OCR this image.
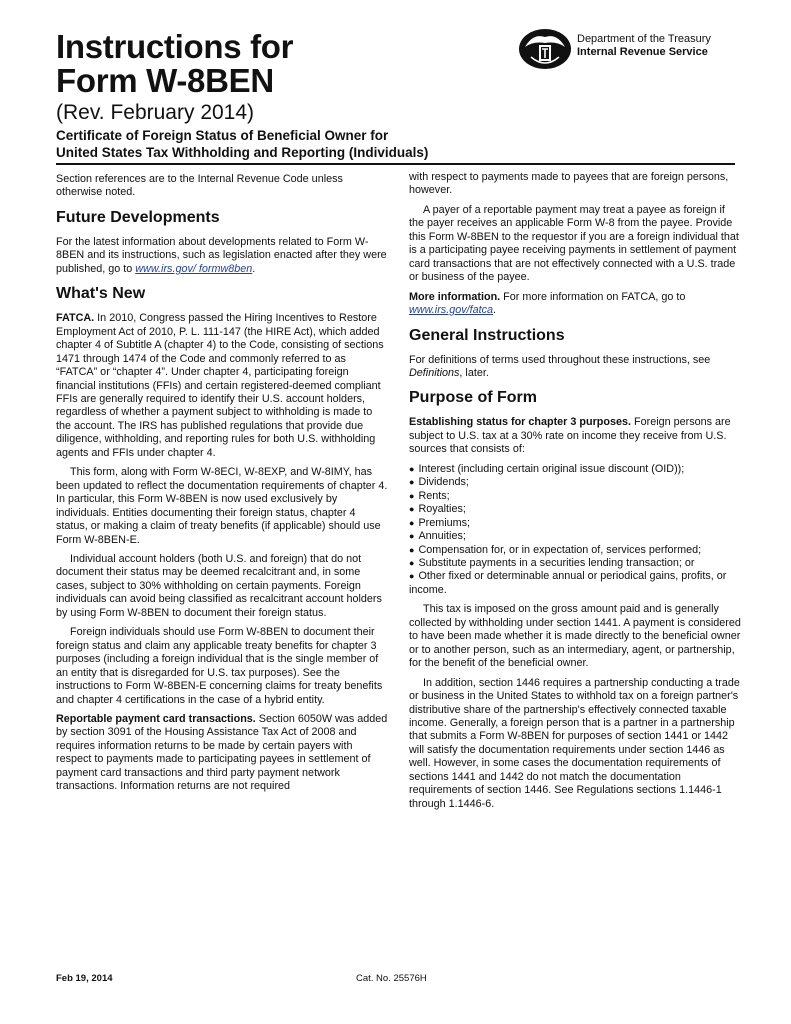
Instructions for
Form W-8BEN
(Rev. February 2014)
Certificate of Foreign Status of Beneficial Owner for
United States Tax Withholding and Reporting (Individuals)
Department of the Treasury
Internal Revenue Service

Section references are to the Internal Revenue Code unless otherwise noted.

Future Developments

For the latest information about developments related to Form W-8BEN and its instructions, such as legislation enacted after they were published, go to www.irs.gov/ formw8ben.

What's New

FATCA. In 2010, Congress passed the Hiring Incentives to Restore Employment Act of 2010, P. L. 111-147 (the HIRE Act), which added chapter 4 of Subtitle A (chapter 4) to the Code, consisting of sections 1471 through 1474 of the Code and commonly referred to as “FATCA” or “chapter 4”. Under chapter 4, participating foreign financial institutions (FFIs) and certain registered-deemed compliant FFIs are generally required to identify their U.S. account holders, regardless of whether a payment subject to withholding is made to the account. The IRS has published regulations that provide due diligence, withholding, and reporting rules for both U.S. withholding agents and FFIs under chapter 4.

This form, along with Form W-8ECI, W-8EXP, and W-8IMY, has been updated to reflect the documentation requirements of chapter 4. In particular, this Form W-8BEN is now used exclusively by individuals. Entities documenting their foreign status, chapter 4 status, or making a claim of treaty benefits (if applicable) should use Form W-8BEN-E.

Individual account holders (both U.S. and foreign) that do not document their status may be deemed recalcitrant and, in some cases, subject to 30% withholding on certain payments. Foreign individuals can avoid being classified as recalcitrant account holders by using Form W-8BEN to document their foreign status.

Foreign individuals should use Form W-8BEN to document their foreign status and claim any applicable treaty benefits for chapter 3 purposes (including a foreign individual that is the single member of an entity that is disregarded for U.S. tax purposes). See the instructions to Form W-8BEN-E concerning claims for treaty benefits and chapter 4 certifications in the case of a hybrid entity.

Reportable payment card transactions. Section 6050W was added by section 3091 of the Housing Assistance Tax Act of 2008 and requires information returns to be made by certain payers with respect to payments made to participating payees in settlement of payment card transactions and third party payment network transactions. Information returns are not required

with respect to payments made to payees that are foreign persons, however.

A payer of a reportable payment may treat a payee as foreign if the payer receives an applicable Form W-8 from the payee. Provide this Form W-8BEN to the requestor if you are a foreign individual that is a participating payee receiving payments in settlement of payment card transactions that are not effectively connected with a U.S. trade or business of the payee.

More information. For more information on FATCA, go to www.irs.gov/fatca.

General Instructions

For definitions of terms used throughout these instructions, see Definitions, later.

Purpose of Form

Establishing status for chapter 3 purposes. Foreign persons are subject to U.S. tax at a 30% rate on income they receive from U.S. sources that consists of:

● Interest (including certain original issue discount (OID));
● Dividends;
● Rents;
● Royalties;
● Premiums;
● Annuities;
● Compensation for, or in expectation of, services performed;
● Substitute payments in a securities lending transaction; or
● Other fixed or determinable annual or periodical gains, profits, or income.

This tax is imposed on the gross amount paid and is generally collected by withholding under section 1441. A payment is considered to have been made whether it is made directly to the beneficial owner or to another person, such as an intermediary, agent, or partnership, for the benefit of the beneficial owner.

In addition, section 1446 requires a partnership conducting a trade or business in the United States to withhold tax on a foreign partner's distributive share of the partnership's effectively connected taxable income. Generally, a foreign person that is a partner in a partnership that submits a Form W-8BEN for purposes of section 1441 or 1442 will satisfy the documentation requirements under section 1446 as well. However, in some cases the documentation requirements of sections 1441 and 1442 do not match the documentation requirements of section 1446. See Regulations sections 1.1446-1 through 1.1446-6.

Feb 19, 2014	Cat. No. 25576H
